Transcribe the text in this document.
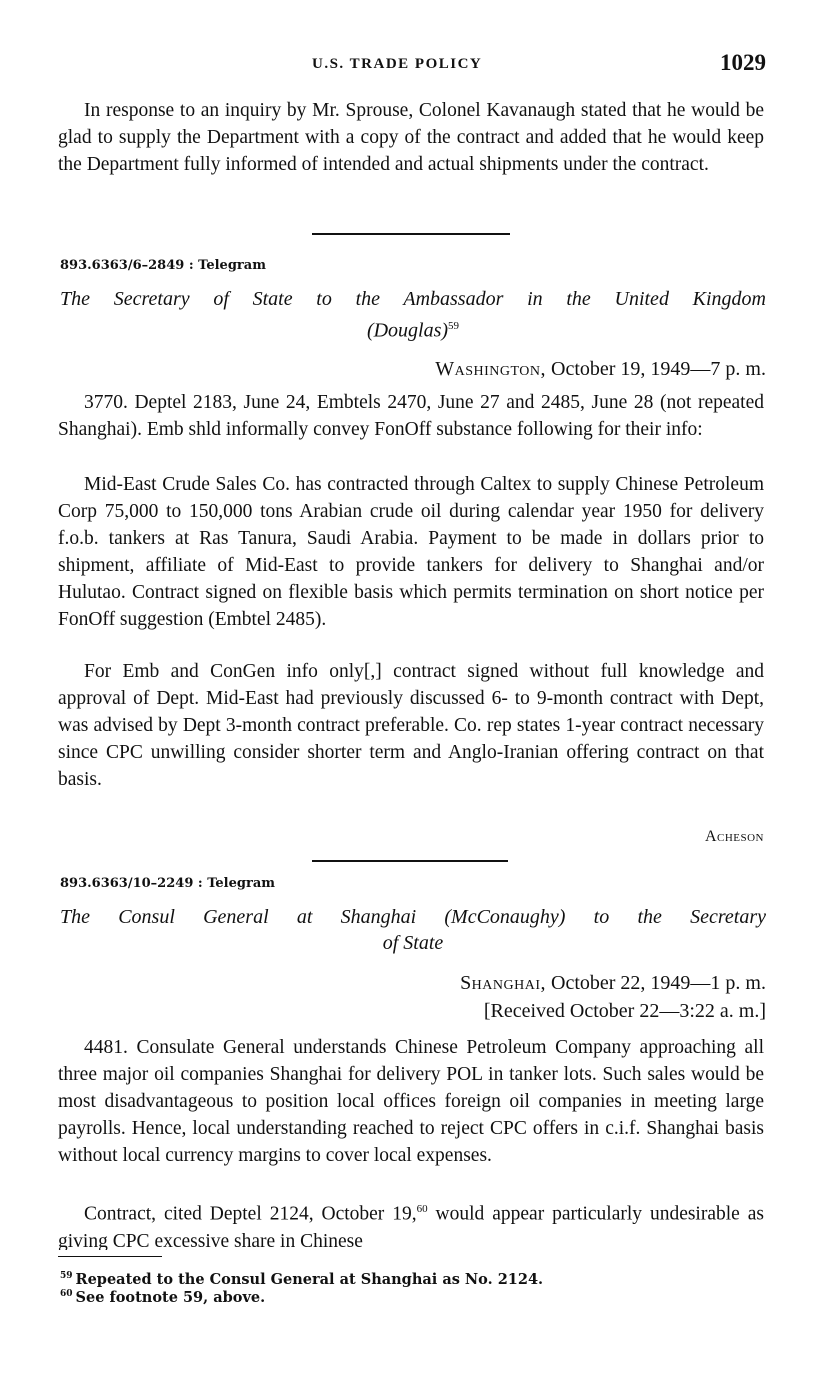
U.S. TRADE POLICY	1029

In response to an inquiry by Mr. Sprouse, Colonel Kavanaugh stated that he would be glad to supply the Department with a copy of the contract and added that he would keep the Department fully informed of intended and actual shipments under the contract.

893.6363/6–2849 : Telegram
The Secretary of State to the Ambassador in the United Kingdom
(Douglas)$^{59}$
Washington, October 19, 1949—7 p. m.

3770. Deptel 2183, June 24, Embtels 2470, June 27 and 2485, June 28 (not repeated Shanghai). Emb shld informally convey FonOff substance following for their info:

Mid-East Crude Sales Co. has contracted through Caltex to supply Chinese Petroleum Corp 75,000 to 150,000 tons Arabian crude oil during calendar year 1950 for delivery f.o.b. tankers at Ras Tanura, Saudi Arabia. Payment to be made in dollars prior to shipment, affiliate of Mid-East to provide tankers for delivery to Shanghai and/or Hulutao. Contract signed on flexible basis which permits termination on short notice per FonOff suggestion (Embtel 2485).

For Emb and ConGen info only[,] contract signed without full knowledge and approval of Dept. Mid-East had previously discussed 6- to 9-month contract with Dept, was advised by Dept 3-month contract preferable. Co. rep states 1-year contract necessary since CPC unwilling consider shorter term and Anglo-Iranian offering contract on that basis.

Acheson
893.6363/10–2249 : Telegram
The Consul General at Shanghai (McConaughy) to the Secretary
of State
Shanghai, October 22, 1949—1 p. m.
[Received October 22—3:22 a. m.]

4481. Consulate General understands Chinese Petroleum Company approaching all three major oil companies Shanghai for delivery POL in tanker lots. Such sales would be most disadvantageous to position local offices foreign oil companies in meeting large payrolls. Hence, local understanding reached to reject CPC offers in c.i.f. Shanghai basis without local currency margins to cover local expenses.

Contract, cited Deptel 2124, October 19,60 would appear particularly undesirable as giving CPC excessive share in Chinese

$^{59}$ Repeated to the Consul General at Shanghai as No. 2124.
$^{60}$ See footnote 59, above.
